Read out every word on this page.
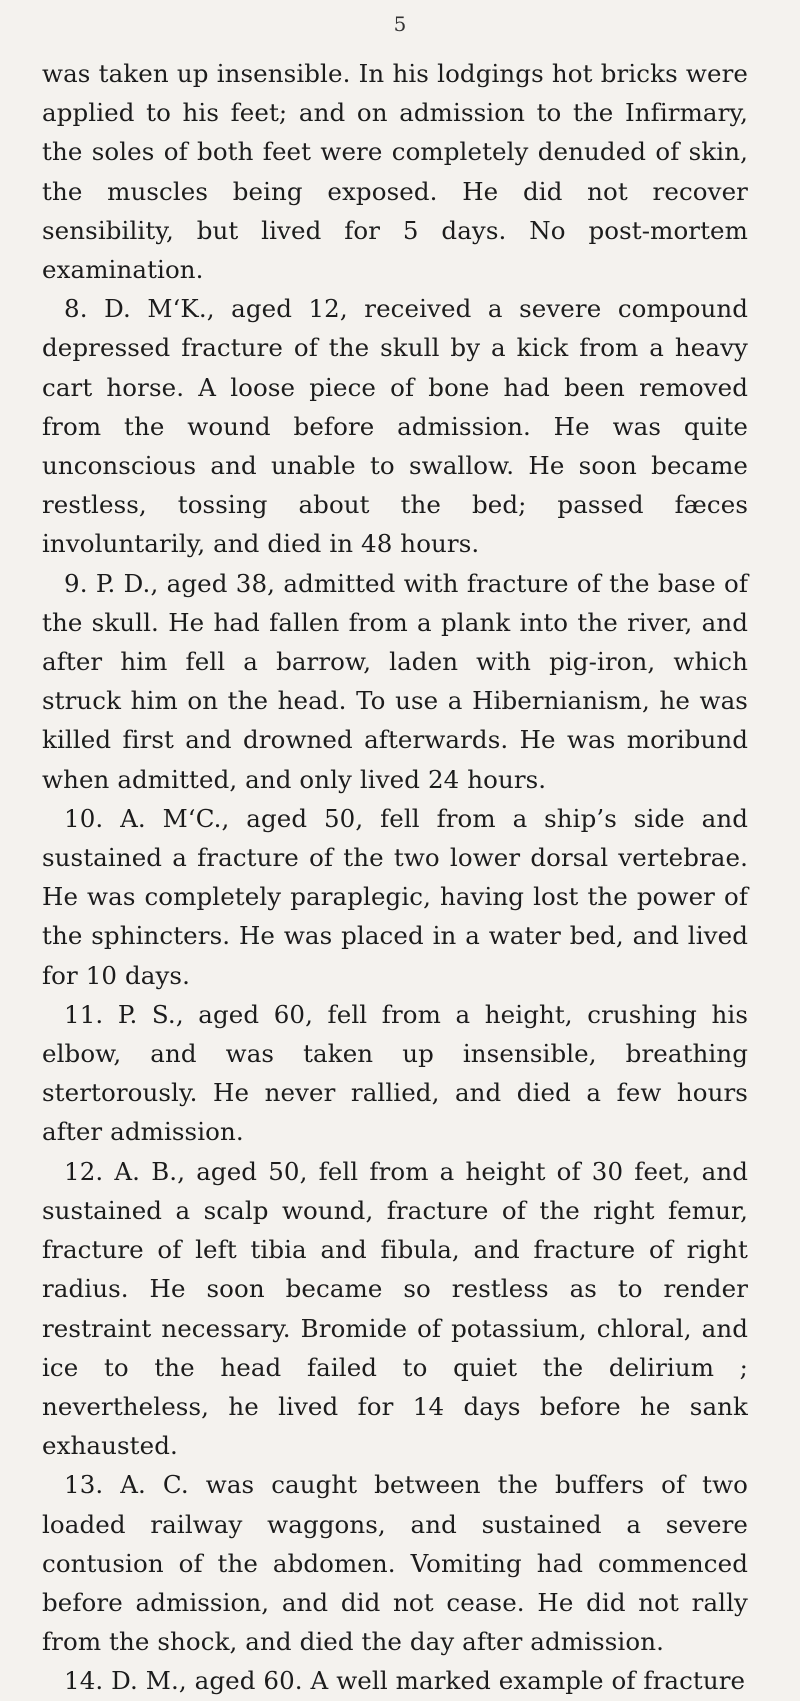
5

was taken up insensible. In his lodgings hot bricks were applied to his feet; and on admission to the Infirmary, the soles of both feet were completely denuded of skin, the muscles being exposed. He did not recover sensibility, but lived for 5 days. No post-mortem examination.

8. D. M‘K., aged 12, received a severe compound depressed fracture of the skull by a kick from a heavy cart horse. A loose piece of bone had been removed from the wound before admission. He was quite unconscious and unable to swallow. He soon became restless, tossing about the bed; passed fæces involuntarily, and died in 48 hours.

9. P. D., aged 38, admitted with fracture of the base of the skull. He had fallen from a plank into the river, and after him fell a barrow, laden with pig-iron, which struck him on the head. To use a Hibernianism, he was killed first and drowned afterwards. He was moribund when admitted, and only lived 24 hours.

10. A. M‘C., aged 50, fell from a ship’s side and sustained a fracture of the two lower dorsal vertebrae. He was completely paraplegic, having lost the power of the sphincters. He was placed in a water bed, and lived for 10 days.

11. P. S., aged 60, fell from a height, crushing his elbow, and was taken up insensible, breathing stertorously. He never rallied, and died a few hours after admission.

12. A. B., aged 50, fell from a height of 30 feet, and sustained a scalp wound, fracture of the right femur, fracture of left tibia and fibula, and fracture of right radius. He soon became so restless as to render restraint necessary. Bromide of potassium, chloral, and ice to the head failed to quiet the delirium ; nevertheless, he lived for 14 days before he sank exhausted.

13. A. C. was caught between the buffers of two loaded railway waggons, and sustained a severe contusion of the abdomen. Vomiting had commenced before admission, and did not cease. He did not rally from the shock, and died the day after admission.

14. D. M., aged 60. A well marked example of fracture
